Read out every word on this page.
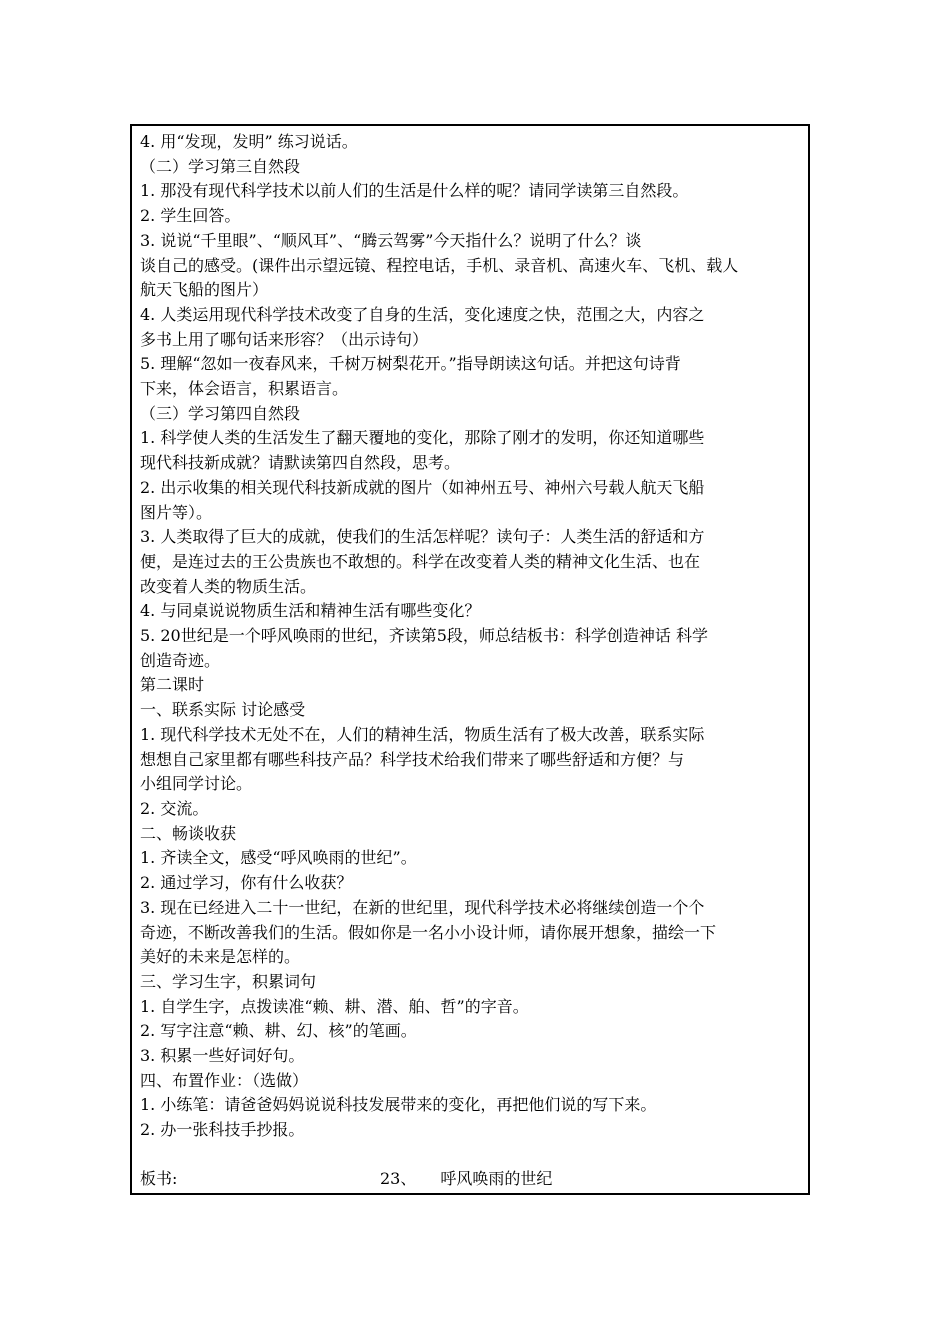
4. 用“发现，发明” 练习说话。
（二）学习第三自然段
1. 那没有现代科学技术以前人们的生活是什么样的呢？请同学读第三自然段。
2. 学生回答。
3. 说说“千里眼”、“顺风耳”、“腾云驾雾”今天指什么？说明了什么？谈
谈自己的感受。(课件出示望远镜、程控电话，手机、录音机、高速火车、飞机、载人
航天飞船的图片）
4. 人类运用现代科学技术改变了自身的生活，变化速度之快，范围之大，内容之
多书上用了哪句话来形容？（出示诗句）
5. 理解“忽如一夜春风来，千树万树梨花开。”指导朗读这句话。并把这句诗背
下来，体会语言，积累语言。
（三）学习第四自然段
1. 科学使人类的生活发生了翻天覆地的变化，那除了刚才的发明，你还知道哪些
现代科技新成就？请默读第四自然段，思考。
2. 出示收集的相关现代科技新成就的图片（如神州五号、神州六号载人航天飞船
图片等）。
3. 人类取得了巨大的成就，使我们的生活怎样呢？读句子：人类生活的舒适和方
便，是连过去的王公贵族也不敢想的。科学在改变着人类的精神文化生活、也在
改变着人类的物质生活。
4. 与同桌说说物质生活和精神生活有哪些变化？
5. 20世纪是一个呼风唤雨的世纪，齐读第5段，师总结板书：科学创造神话 科学
创造奇迹。
第二课时
一、联系实际 讨论感受
1. 现代科学技术无处不在，人们的精神生活，物质生活有了极大改善，联系实际
想想自己家里都有哪些科技产品？科学技术给我们带来了哪些舒适和方便？与
小组同学讨论。
2. 交流。
二、畅谈收获
1. 齐读全文，感受“呼风唤雨的世纪”。
2. 通过学习，你有什么收获？
3. 现在已经进入二十一世纪，在新的世纪里，现代科学技术必将继续创造一个个
奇迹，不断改善我们的生活。假如你是一名小小设计师，请你展开想象，描绘一下
美好的未来是怎样的。
三、学习生字，积累词句
1. 自学生字，点拨读准“赖、耕、潜、舶、哲”的字音。
2. 写字注意“赖、耕、幻、核”的笔画。
3. 积累一些好词好句。
四、布置作业：（选做）
1. 小练笔：请爸爸妈妈说说科技发展带来的变化，再把他们说的写下来。
2. 办一张科技手抄报。
板书:	23、 呼风唤雨的世纪
